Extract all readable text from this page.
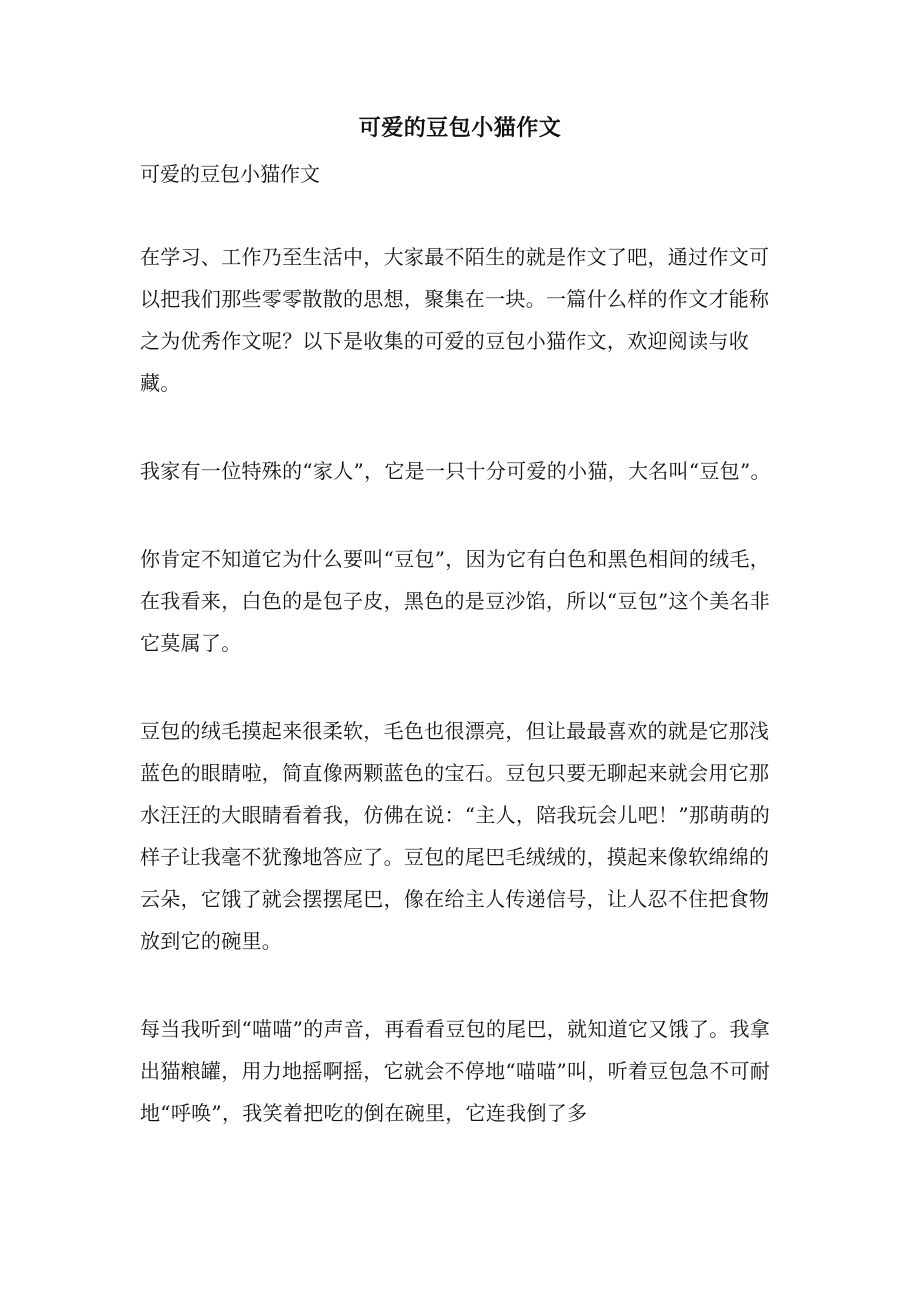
可爱的豆包小猫作文
可爱的豆包小猫作文

在学习、工作乃至生活中，大家最不陌生的就是作文了吧，通过作文可以把我们那些零零散散的思想，聚集在一块。一篇什么样的作文才能称之为优秀作文呢？以下是收集的可爱的豆包小猫作文，欢迎阅读与收藏。

我家有一位特殊的“家人”，它是一只十分可爱的小猫，大名叫“豆包”。

你肯定不知道它为什么要叫“豆包”，因为它有白色和黑色相间的绒毛，在我看来，白色的是包子皮，黑色的是豆沙馅，所以“豆包”这个美名非它莫属了。

豆包的绒毛摸起来很柔软，毛色也很漂亮，但让最最喜欢的就是它那浅蓝色的眼睛啦，简直像两颗蓝色的宝石。豆包只要无聊起来就会用它那水汪汪的大眼睛看着我，仿佛在说：“主人，陪我玩会儿吧！”那萌萌的样子让我毫不犹豫地答应了。豆包的尾巴毛绒绒的，摸起来像软绵绵的云朵，它饿了就会摆摆尾巴，像在给主人传递信号，让人忍不住把食物放到它的碗里。

每当我听到“喵喵”的声音，再看看豆包的尾巴，就知道它又饿了。我拿出猫粮罐，用力地摇啊摇，它就会不停地“喵喵”叫，听着豆包急不可耐地“呼唤”，我笑着把吃的倒在碗里，它连我倒了多
